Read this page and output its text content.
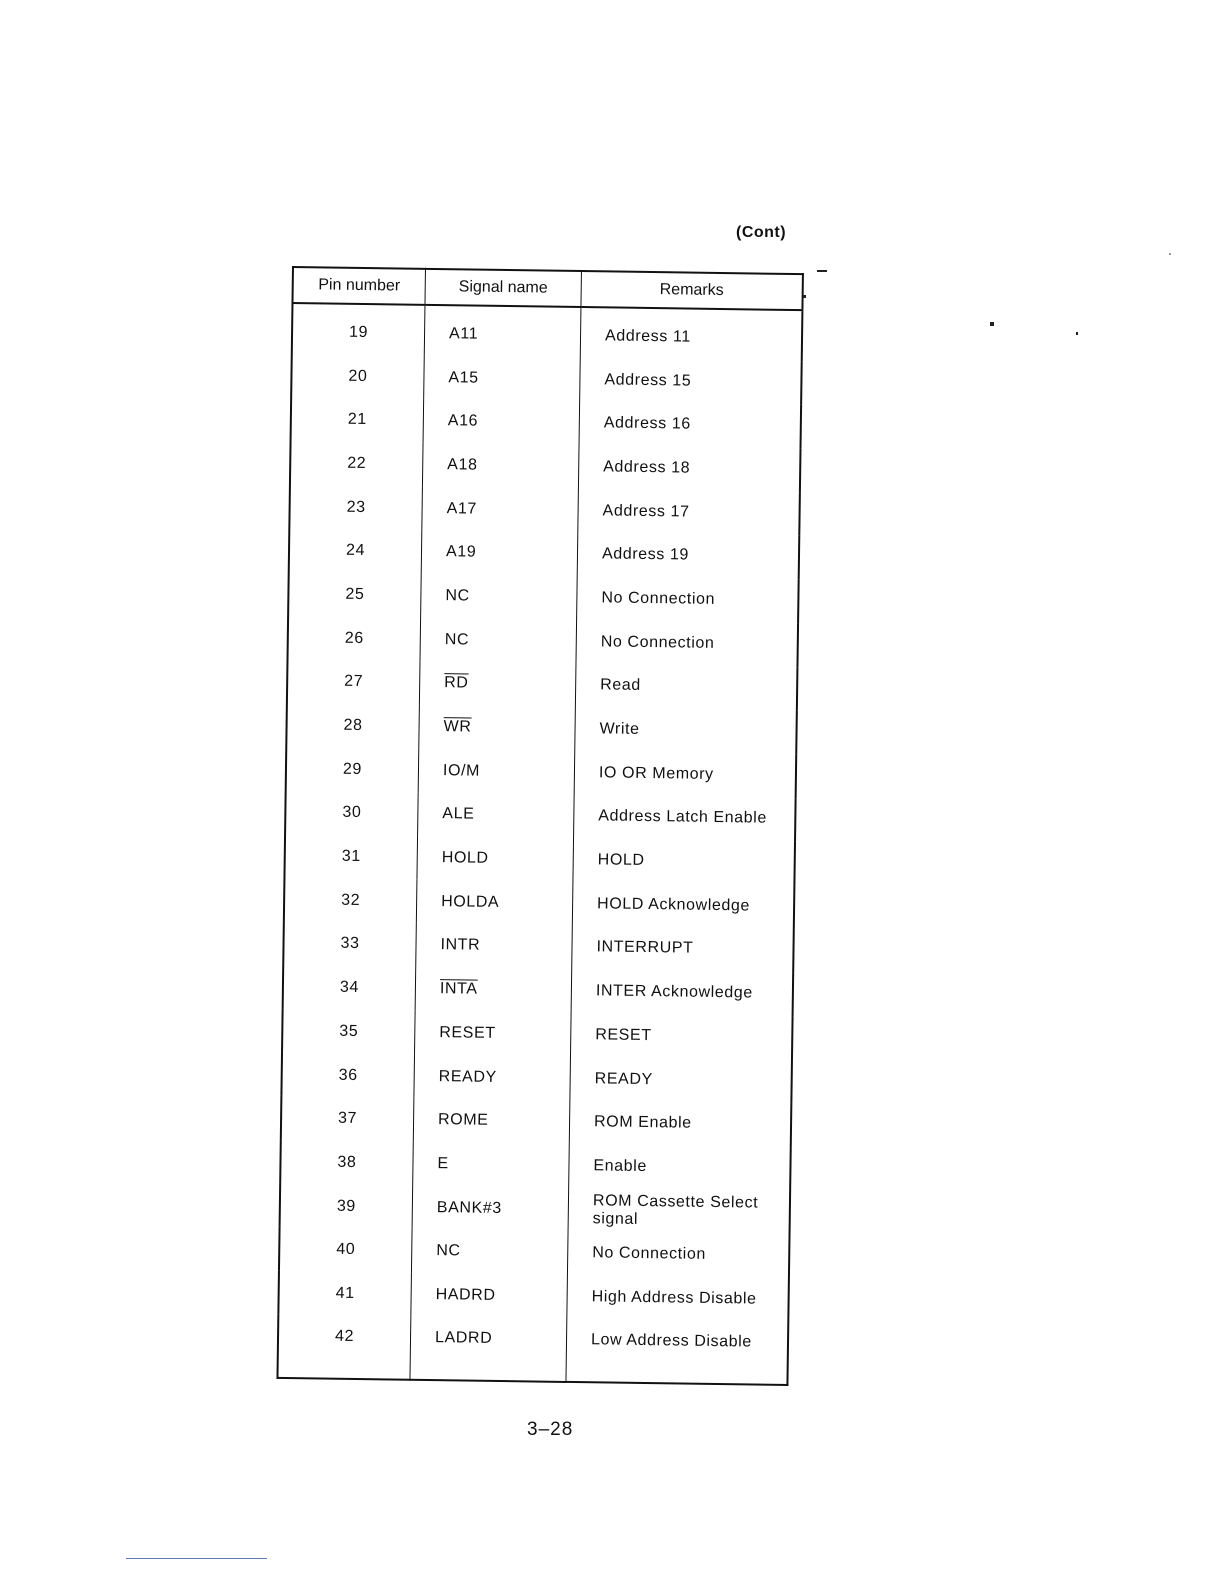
(Cont)
Pin number	Signal name	Remarks
19	A11	Address 11
20	A15	Address 15
21	A16	Address 16
22	A18	Address 18
23	A17	Address 17
24	A19	Address 19
25	NC	No Connection
26	NC	No Connection
27	$\overline{RD}$	Read
28	$\overline{WR}$	Write
29	IO/M	IO OR Memory
30	ALE	Address Latch Enable
31	HOLD	HOLD
32	HOLDA	HOLD Acknowledge
33	INTR	INTERRUPT
34	INTA	INTER Acknowledge
35	RESET	RESET
36	READY	READY
37	ROME	ROM Enable
38	E	Enable
39	BANK#3	ROM Cassette Select signal
40	NC	No Connection
41	HADRD	High Address Disable
42	LADRD	Low Address Disable
3–28
